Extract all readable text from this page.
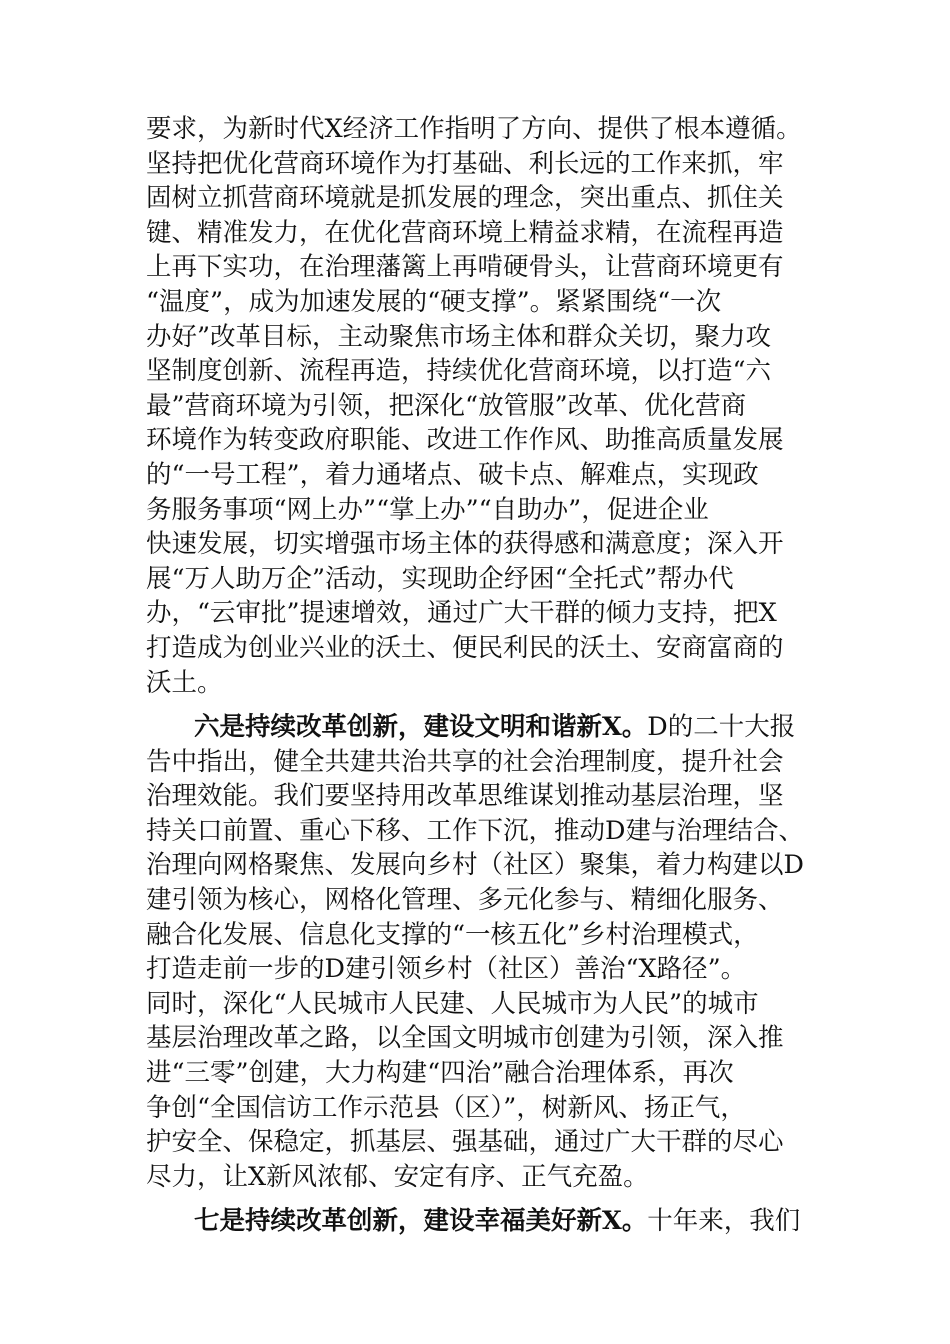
要求，为新时代X经济工作指明了方向、提供了根本遵循。
坚持把优化营商环境作为打基础、利长远的工作来抓，牢
固树立抓营商环境就是抓发展的理念，突出重点、抓住关
键、精准发力，在优化营商环境上精益求精，在流程再造
上再下实功，在治理藩篱上再啃硬骨头，让营商环境更有
“温度”，成为加速发展的“硬支撑”。紧紧围绕“一次
办好”改革目标，主动聚焦市场主体和群众关切，聚力攻
坚制度创新、流程再造，持续优化营商环境，以打造“六
最”营商环境为引领，把深化“放管服”改革、优化营商
环境作为转变政府职能、改进工作作风、助推高质量发展
的“一号工程”，着力通堵点、破卡点、解难点，实现政
务服务事项“网上办”“掌上办”“自助办”，促进企业
快速发展，切实增强市场主体的获得感和满意度；深入开
展“万人助万企”活动，实现助企纾困“全托式”帮办代
办，“云审批”提速增效，通过广大干群的倾力支持，把X
打造成为创业兴业的沃土、便民利民的沃土、安商富商的
沃土。
六是持续改革创新，建设文明和谐新X。D的二十大报
告中指出，健全共建共治共享的社会治理制度，提升社会
治理效能。我们要坚持用改革思维谋划推动基层治理，坚
持关口前置、重心下移、工作下沉，推动D建与治理结合、
治理向网格聚焦、发展向乡村（社区）聚集，着力构建以D
建引领为核心，网格化管理、多元化参与、精细化服务、
融合化发展、信息化支撑的“一核五化”乡村治理模式，
打造走前一步的D建引领乡村（社区）善治“X路径”。
同时，深化“人民城市人民建、人民城市为人民”的城市
基层治理改革之路，以全国文明城市创建为引领，深入推
进“三零”创建，大力构建“四治”融合治理体系，再次
争创“全国信访工作示范县（区）”，树新风、扬正气，
护安全、保稳定，抓基层、强基础，通过广大干群的尽心
尽力，让X新风浓郁、安定有序、正气充盈。
七是持续改革创新，建设幸福美好新X。十年来，我们
